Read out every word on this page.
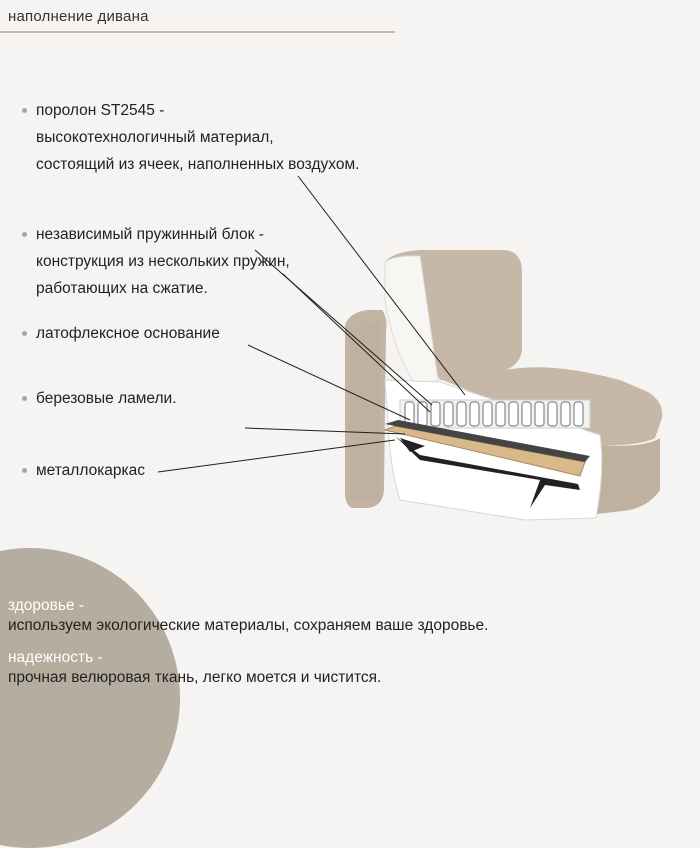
наполнение дивана
поролон ST2545 -
высокотехнологичный материал,
состоящий из ячеек, наполненных воздухом.
независимый пружинный блок -
конструкция из нескольких пружин,
работающих на сжатие.
латофлексное основание
березовые ламели.
металлокаркас
здоровье -
используем экологические материалы, сохраняем ваше здоровье.
надежность -
прочная велюровая ткань, легко моется и чистится.
